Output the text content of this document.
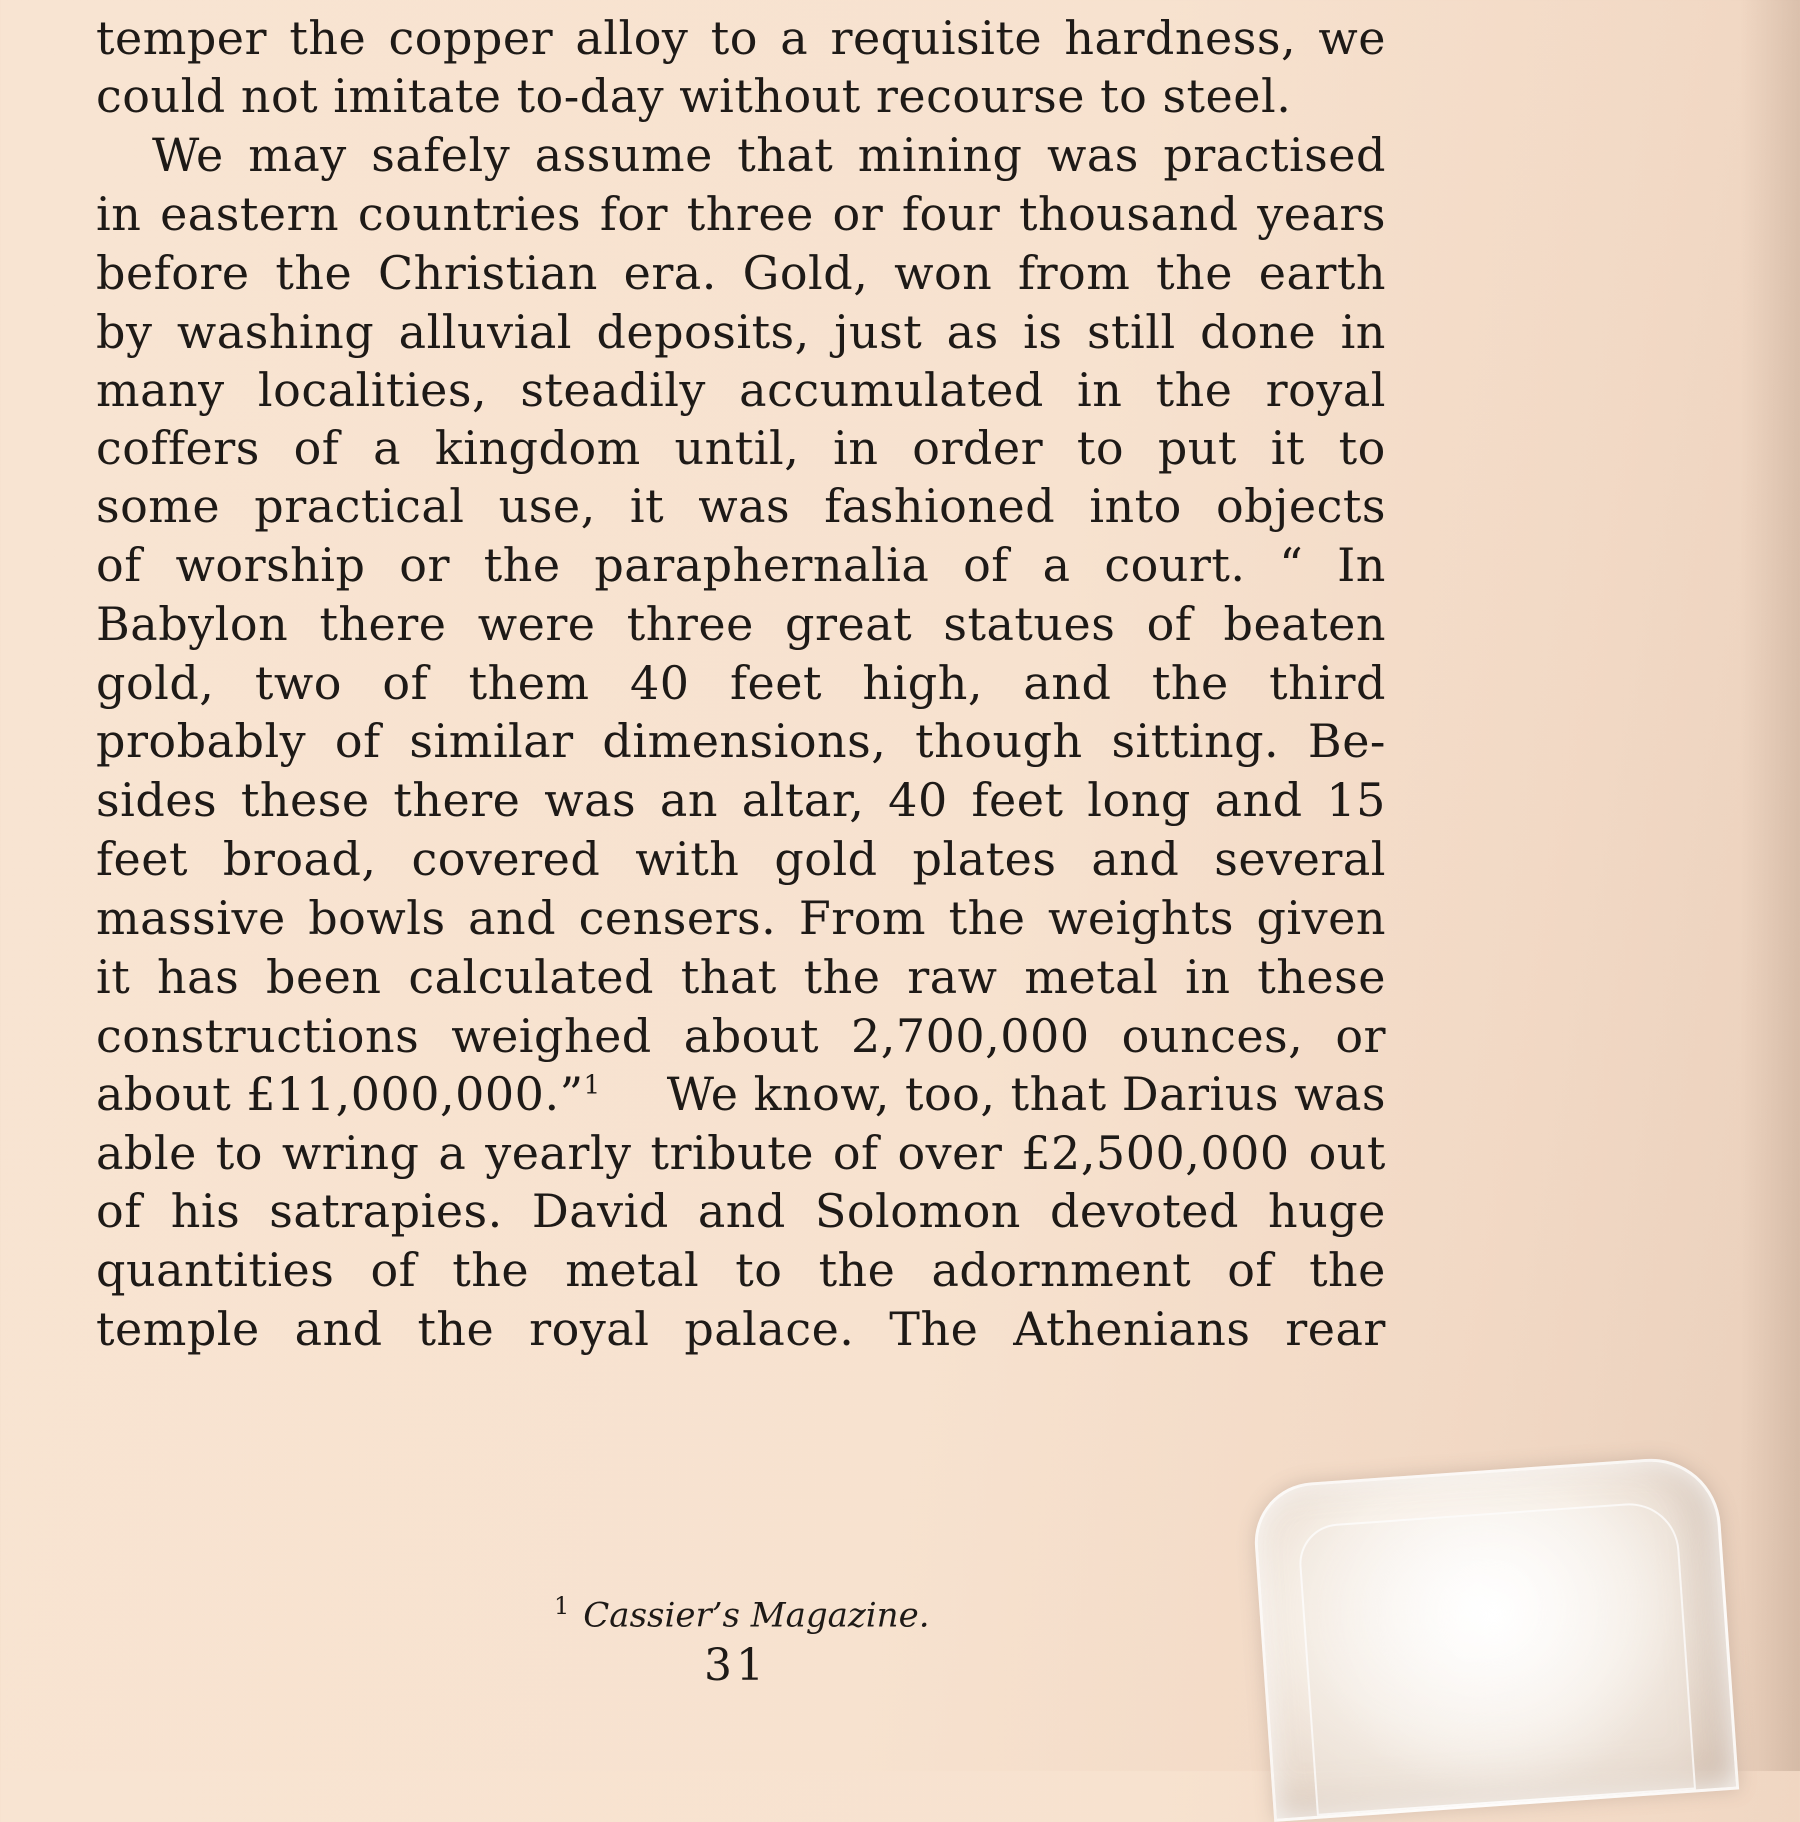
temper the copper alloy to a requisite hardness, we
could not imitate to-day without recourse to steel.
We may safely assume that mining was practised
in eastern countries for three or four thousand years
before the Christian era. Gold, won from the earth
by washing alluvial deposits, just as is still done in
many localities, steadily accumulated in the royal
coffers of a kingdom until, in order to put it to
some practical use, it was fashioned into objects
of worship or the paraphernalia of a court. “ In
Babylon there were three great statues of beaten
gold, two of them 40 feet high, and the third
probably of similar dimensions, though sitting. Be-
sides these there was an altar, 40 feet long and 15
feet broad, covered with gold plates and several
massive bowls and censers. From the weights given
it has been calculated that the raw metal in these
constructions weighed about 2,700,000 ounces, or
about £11,000,000.”$^1$ We know, too, that Darius was
able to wring a yearly tribute of over £2,500,000 out
of his satrapies. David and Solomon devoted huge
quantities of the metal to the adornment of the
temple and the royal palace. The Athenians rear
$^1$ Cassier’s Magazine.
31
